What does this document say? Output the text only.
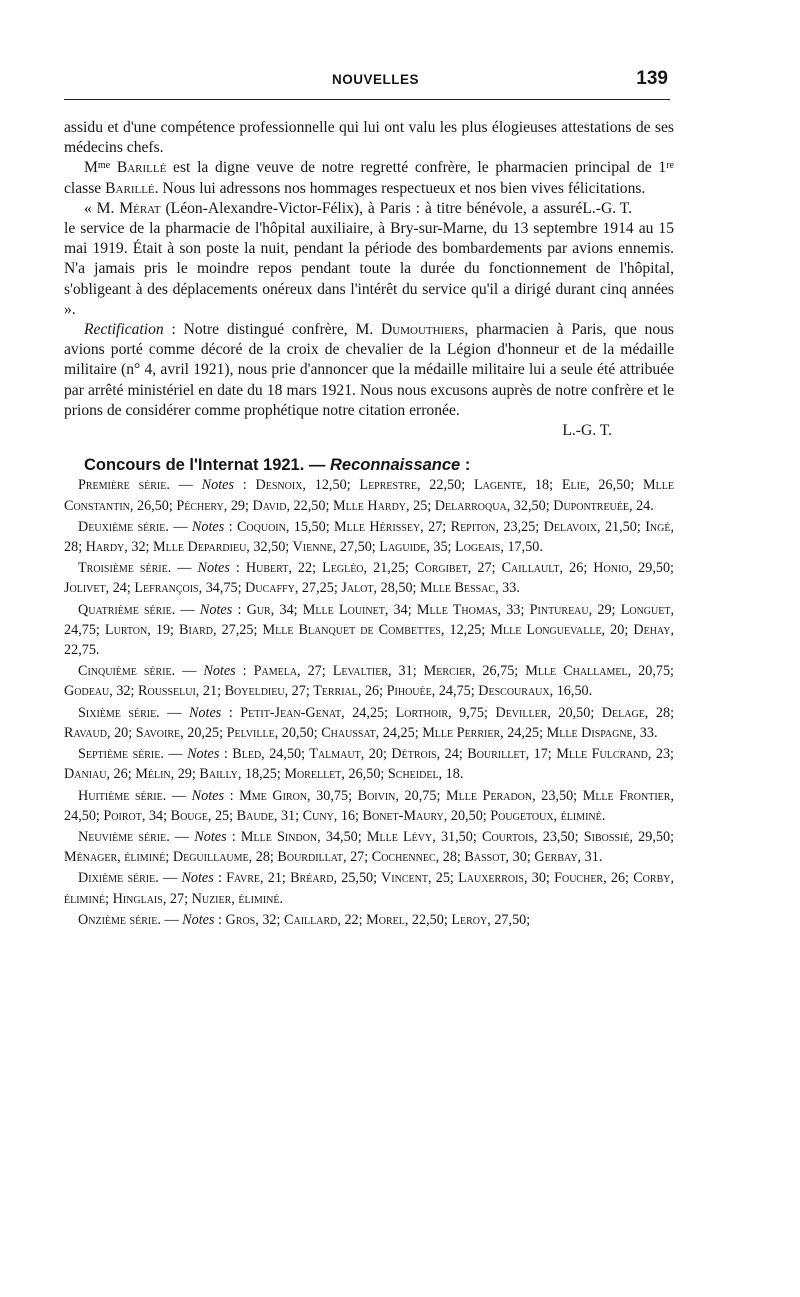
NOUVELLES	139

assidu et d'une compétence professionnelle qui lui ont valu les plus élogieuses attestations de ses médecins chefs.

$M^{me}$ Barillé est la digne veuve de notre regretté confrère, le pharmacien principal de 1re classe Barillé. Nous lui adressons nos hommages respectueux et nos bien vives félicitations.
L.-G. T.

« M. Mérat (Léon-Alexandre-Victor-Félix), à Paris : à titre bénévole, a assuré le service de la pharmacie de l'hôpital auxiliaire, à Bry-sur-Marne, du 13 septembre 1914 au 15 mai 1919. Était à son poste la nuit, pendant la période des bombardements par avions ennemis. N'a jamais pris le moindre repos pendant toute la durée du fonctionnement de l'hôpital, s'obligeant à des déplacements onéreux dans l'intérêt du service qu'il a dirigé durant cinq années ».

Rectification : Notre distingué confrère, M. Dumouthiers, pharmacien à Paris, que nous avions porté comme décoré de la croix de chevalier de la Légion d'honneur et de la médaille militaire (n° 4, avril 1921), nous prie d'annoncer que la médaille militaire lui a seule été attribuée par arrêté ministériel en date du 18 mars 1921. Nous nous excusons auprès de notre confrère et le prions de considérer comme prophétique notre citation erronée.

L.-G. T.

Concours de l'Internat 1921. — Reconnaissance :

Première série. — Notes : Desnoix, 12,50; Leprestre, 22,50; Lagente, 18; Elie, 26,50; Mlle Constantin, 26,50; Péchery, 29; David, 22,50; Mlle Hardy, 25; Delarroqua, 32,50; Dupontreuée, 24.

Deuxième série. — Notes : Coquoin, 15,50; Mlle Hérissey, 27; Repiton, 23,25; Delavoix, 21,50; Ingé, 28; Hardy, 32; Mlle Depardieu, 32,50; Vienne, 27,50; Laguide, 35; Logeais, 17,50.

Troisième série. — Notes : Hubert, 22; Legléo, 21,25; Corgibet, 27; Caillault, 26; Honio, 29,50; Jolivet, 24; Lefrançois, 34,75; Ducaffy, 27,25; Jalot, 28,50; Mlle Bessac, 33.

Quatrième série. — Notes : Gur, 34; Mlle Louinet, 34; Mlle Thomas, 33; Pintureau, 29; Longuet, 24,75; Lurton, 19; Biard, 27,25; Mlle Blanquet de Combettes, 12,25; Mlle Longuevalle, 20; Dehay, 22,75.

Cinquième série. — Notes : Pamela, 27; Levaltier, 31; Mercier, 26,75; Mlle Challamel, 20,75; Godeau, 32; Rousselui, 21; Boyeldieu, 27; Terrial, 26; Pihouée, 24,75; Descouraux, 16,50.

Sixième série. — Notes : Petit-Jean-Genat, 24,25; Lorthoir, 9,75; Deviller, 20,50; Delage, 28; Ravaud, 20; Savoire, 20,25; Pelville, 20,50; Chaussat, 24,25; Mlle Perrier, 24,25; Mlle Dispagne, 33.

Septième série. — Notes : Bled, 24,50; Talmaut, 20; Détrois, 24; Bourillet, 17; Mlle Fulcrand, 23; Daniau, 26; Mélin, 29; Bailly, 18,25; Morellet, 26,50; Scheidel, 18.

Huitième série. — Notes : Mme Giron, 30,75; Boivin, 20,75; Mlle Peradon, 23,50; Mlle Frontier, 24,50; Poirot, 34; Bouge, 25; Baude, 31; Cuny, 16; Bonet-Maury, 20,50; Pougetoux, éliminé.

Neuvième série. — Notes : Mlle Sindon, 34,50; Mlle Lévy, 31,50; Courtois, 23,50; Sibossié, 29,50; Ménager, éliminé; Deguillaume, 28; Bourdillat, 27; Cochennec, 28; Bassot, 30; Gerbay, 31.

Dixième série. — Notes : Favre, 21; Bréard, 25,50; Vincent, 25; Lauxerrois, 30; Foucher, 26; Corby, éliminé; Hinglais, 27; Nuzier, éliminé.

Onzième série. — Notes : Gros, 32; Caillard, 22; Morel, 22,50; Leroy, 27,50;
